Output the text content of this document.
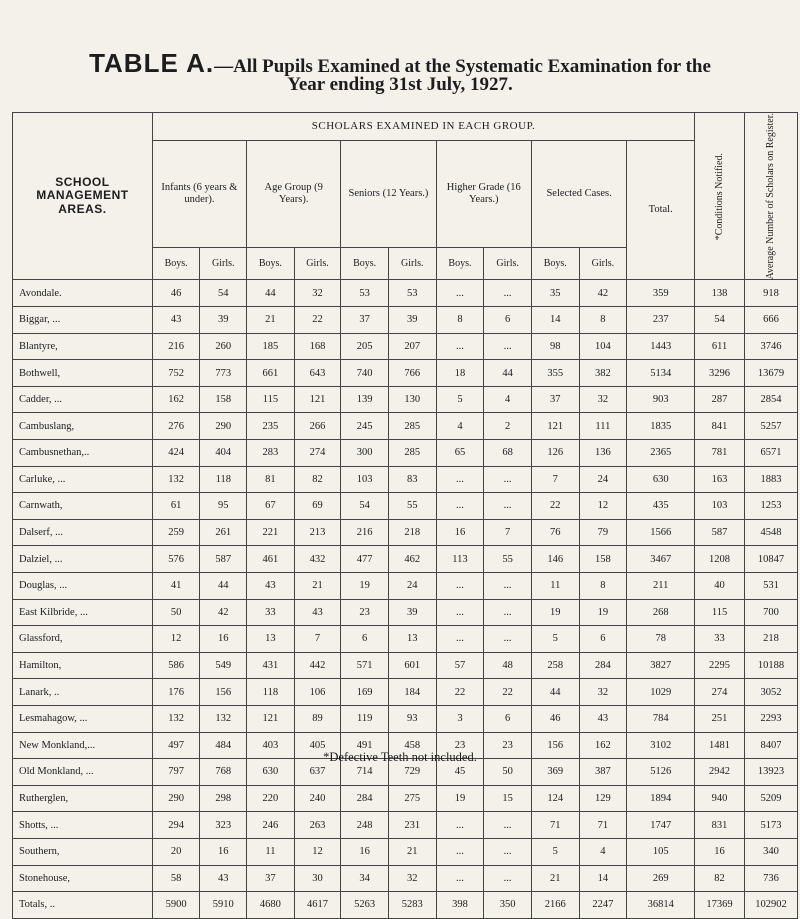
TABLE A.—All Pupils Examined at the Systematic Examination for the
Year ending 31st July, 1927.
SCHOOL MANAGEMENT AREAS.	SCHOLARS EXAMINED IN EACH GROUP.											*Conditions Notified.	Average Number of Scholars on Register.

	Infants (6 years & under).		Age Group (9 Years).		Seniors (12 Years.)		Higher Grade (16 Years.)		Selected Cases.		Total.		
	Boys.	Girls.	Boys.	Girls.	Boys.	Girls.	Boys.	Girls.	Boys.	Girls.			
Avondale.	46	54	44	32	53	53	...	...	35	42	359	138	918
Biggar, ...	43	39	21	22	37	39	8	6	14	8	237	54	666
Blantyre,	216	260	185	168	205	207	...	...	98	104	1443	611	3746
Bothwell,	752	773	661	643	740	766	18	44	355	382	5134	3296	13679
Cadder, ...	162	158	115	121	139	130	5	4	37	32	903	287	2854
Cambuslang,	276	290	235	266	245	285	4	2	121	111	1835	841	5257
Cambusnethan,..	424	404	283	274	300	285	65	68	126	136	2365	781	6571
Carluke, ...	132	118	81	82	103	83	...	...	7	24	630	163	1883
Carnwath,	61	95	67	69	54	55	...	...	22	12	435	103	1253
Dalserf, ...	259	261	221	213	216	218	16	7	76	79	1566	587	4548
Dalziel, ...	576	587	461	432	477	462	113	55	146	158	3467	1208	10847
Douglas, ...	41	44	43	21	19	24	...	...	11	8	211	40	531
East Kilbride, ...	50	42	33	43	23	39	...	...	19	19	268	115	700
Glassford,	12	16	13	7	6	13	...	...	5	6	78	33	218
Hamilton,	586	549	431	442	571	601	57	48	258	284	3827	2295	10188
Lanark, ..	176	156	118	106	169	184	22	22	44	32	1029	274	3052
Lesmahagow, ...	132	132	121	89	119	93	3	6	46	43	784	251	2293
New Monkland,...	497	484	403	405	491	458	23	23	156	162	3102	1481	8407
Old Monkland, ...	797	768	630	637	714	729	45	50	369	387	5126	2942	13923
Rutherglen,	290	298	220	240	284	275	19	15	124	129	1894	940	5209
Shotts, ...	294	323	246	263	248	231	...	...	71	71	1747	831	5173
Southern,	20	16	11	12	16	21	...	...	5	4	105	16	340
Stonehouse,	58	43	37	30	34	32	...	...	21	14	269	82	736
Totals, ..	5900	5910	4680	4617	5263	5283	398	350	2166	2247	36814	17369	102902
*Defective Teeth not included.
